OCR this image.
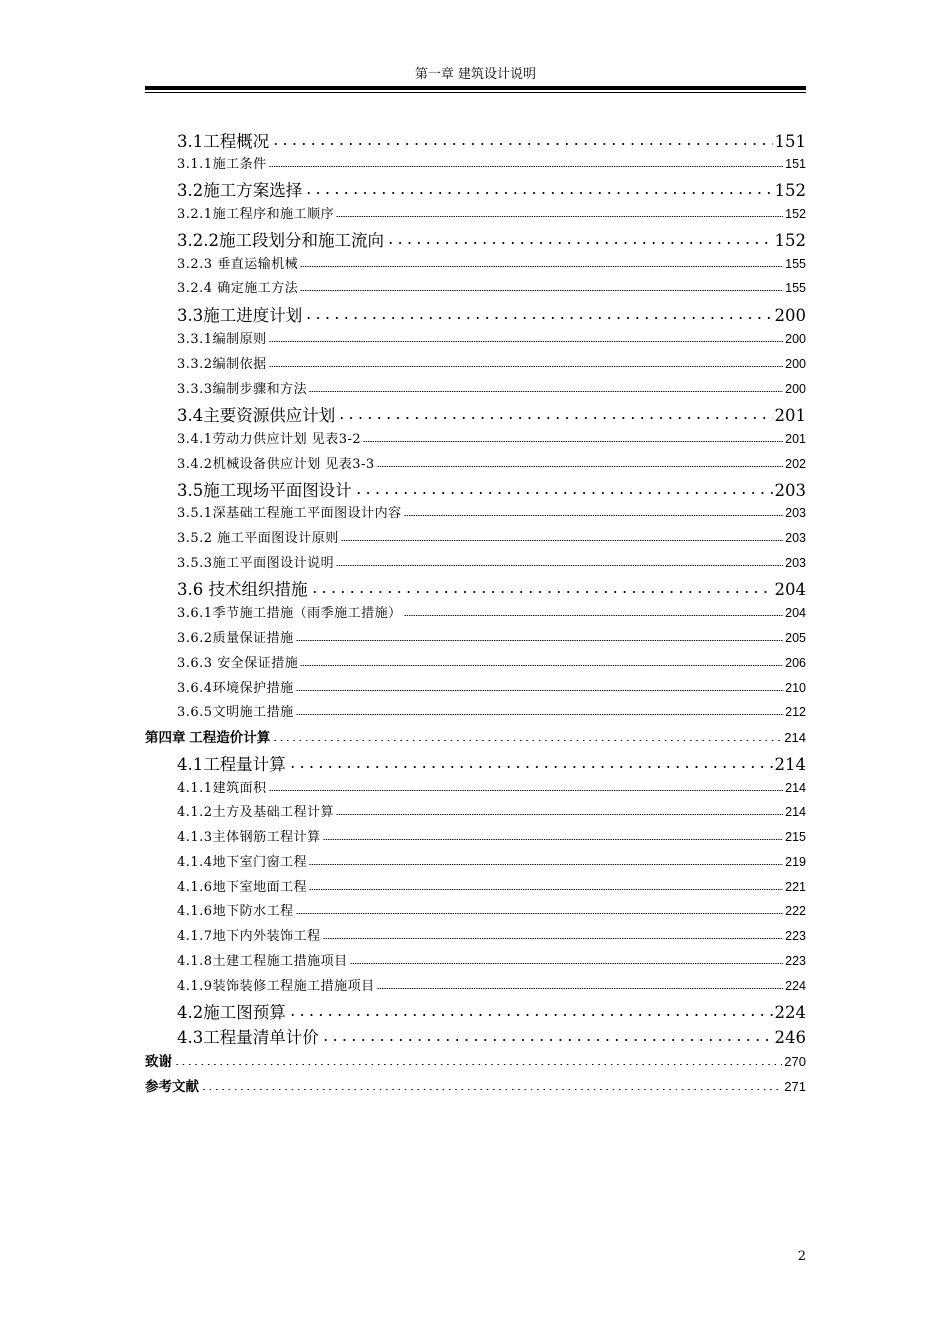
第一章 建筑设计说明
3.1工程概况	151
3.1.1施工条件	151
3.2施工方案选择	152
3.2.1施工程序和施工顺序	152
3.2.2施工段划分和施工流向	152
3.2.3 垂直运输机械	155
3.2.4 确定施工方法	155
3.3施工进度计划	200
3.3.1编制原则	200
3.3.2编制依据	200
3.3.3编制步骤和方法	200
3.4主要资源供应计划	201
3.4.1劳动力供应计划 见表3-2	201
3.4.2机械设备供应计划 见表3-3	202
3.5施工现场平面图设计	203
3.5.1深基础工程施工平面图设计内容	203
3.5.2 施工平面图设计原则	203
3.5.3施工平面图设计说明	203
3.6 技术组织措施	204
3.6.1季节施工措施（雨季施工措施）	204
3.6.2质量保证措施	205
3.6.3 安全保证措施	206
3.6.4环境保护措施	210
3.6.5文明施工措施	212
第四章 工程造价计算	214
4.1工程量计算	214
4.1.1建筑面积	214
4.1.2土方及基础工程计算	214
4.1.3主体钢筋工程计算	215
4.1.4地下室门窗工程	219
4.1.6地下室地面工程	221
4.1.6地下防水工程	222
4.1.7地下内外装饰工程	223
4.1.8土建工程施工措施项目	223
4.1.9装饰装修工程施工措施项目	224
4.2施工图预算	224
4.3工程量清单计价	246
致谢	270
参考文献	271
2
